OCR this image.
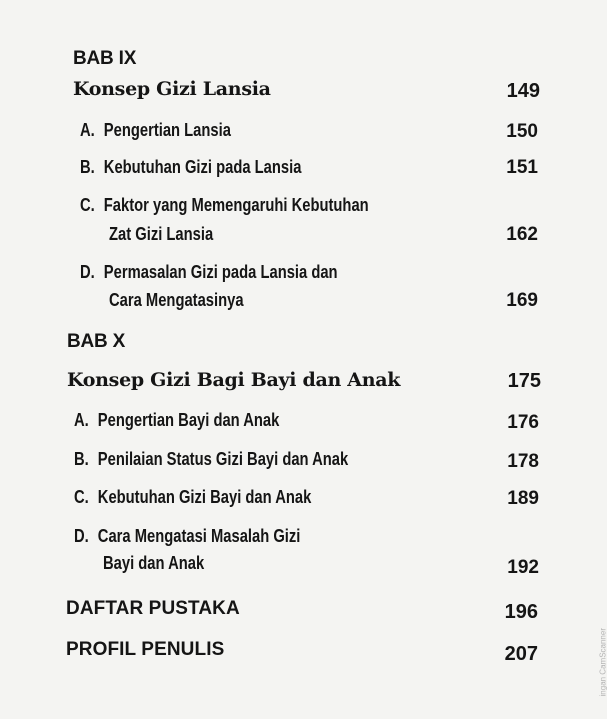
BAB IX
Konsep Gizi Lansia	149
A. Pengertian Lansia	150
B. Kebutuhan Gizi pada Lansia	151
C. Faktor yang Memengaruhi Kebutuhan
Zat Gizi Lansia	162
D. Permasalan Gizi pada Lansia dan
Cara Mengatasinya	169
BAB X
Konsep Gizi Bagi Bayi dan Anak	175
A. Pengertian Bayi dan Anak	176
B. Penilaian Status Gizi Bayi dan Anak	178
C. Kebutuhan Gizi Bayi dan Anak	189
D. Cara Mengatasi Masalah Gizi
Bayi dan Anak	192
DAFTAR PUSTAKA	196
PROFIL PENULIS	207	ingan CamScanner
